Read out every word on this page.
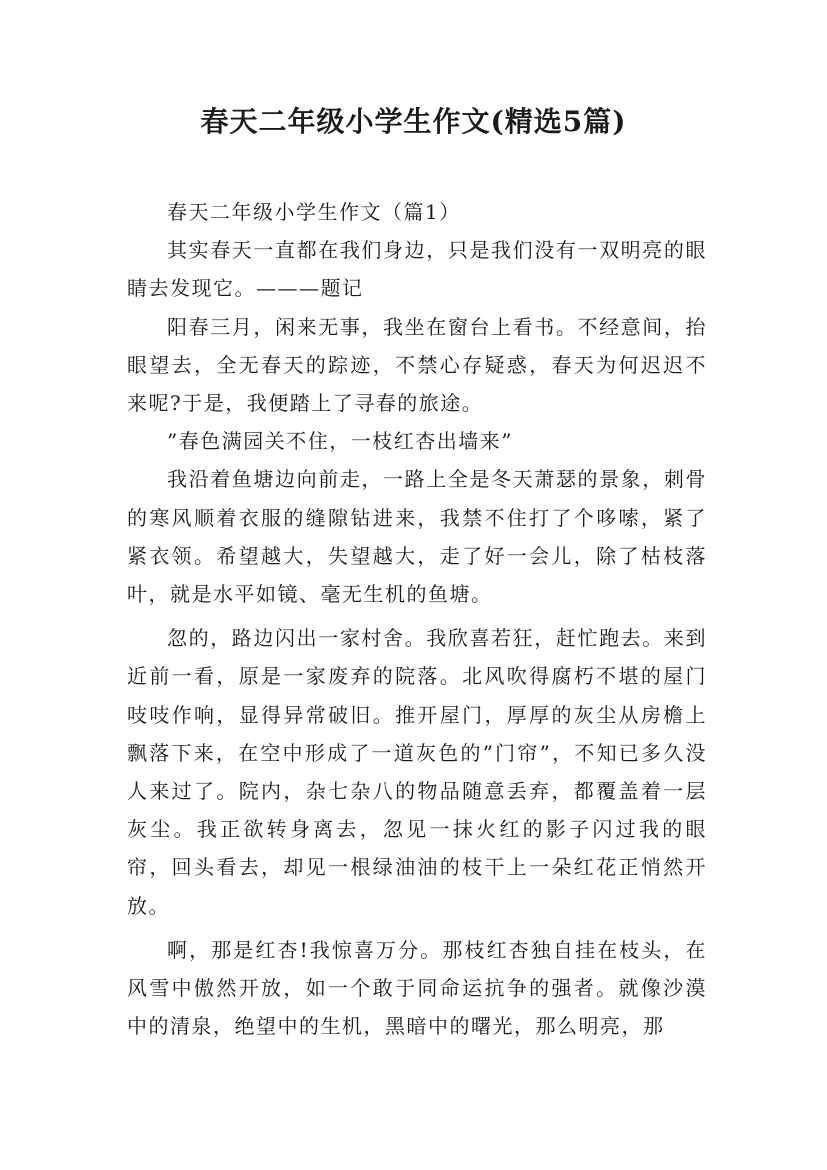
春天二年级小学生作文(精选5篇)

春天二年级小学生作文（篇1）

其实春天一直都在我们身边，只是我们没有一双明亮的眼睛去发现它。———题记

阳春三月，闲来无事，我坐在窗台上看书。不经意间，抬眼望去，全无春天的踪迹，不禁心存疑惑，春天为何迟迟不来呢?于是，我便踏上了寻春的旅途。

”春色满园关不住，一枝红杏出墙来”

我沿着鱼塘边向前走，一路上全是冬天萧瑟的景象，刺骨的寒风顺着衣服的缝隙钻进来，我禁不住打了个哆嗦，紧了紧衣领。希望越大，失望越大，走了好一会儿，除了枯枝落叶，就是水平如镜、毫无生机的鱼塘。

忽的，路边闪出一家村舍。我欣喜若狂，赶忙跑去。来到近前一看，原是一家废弃的院落。北风吹得腐朽不堪的屋门吱吱作响，显得异常破旧。推开屋门，厚厚的灰尘从房檐上飘落下来，在空中形成了一道灰色的”门帘”，不知已多久没人来过了。院内，杂七杂八的物品随意丢弃，都覆盖着一层灰尘。我正欲转身离去，忽见一抹火红的影子闪过我的眼帘，回头看去，却见一根绿油油的枝干上一朵红花正悄然开放。

啊，那是红杏!我惊喜万分。那枝红杏独自挂在枝头，在风雪中傲然开放，如一个敢于同命运抗争的强者。就像沙漠中的清泉，绝望中的生机，黑暗中的曙光，那么明亮，那
